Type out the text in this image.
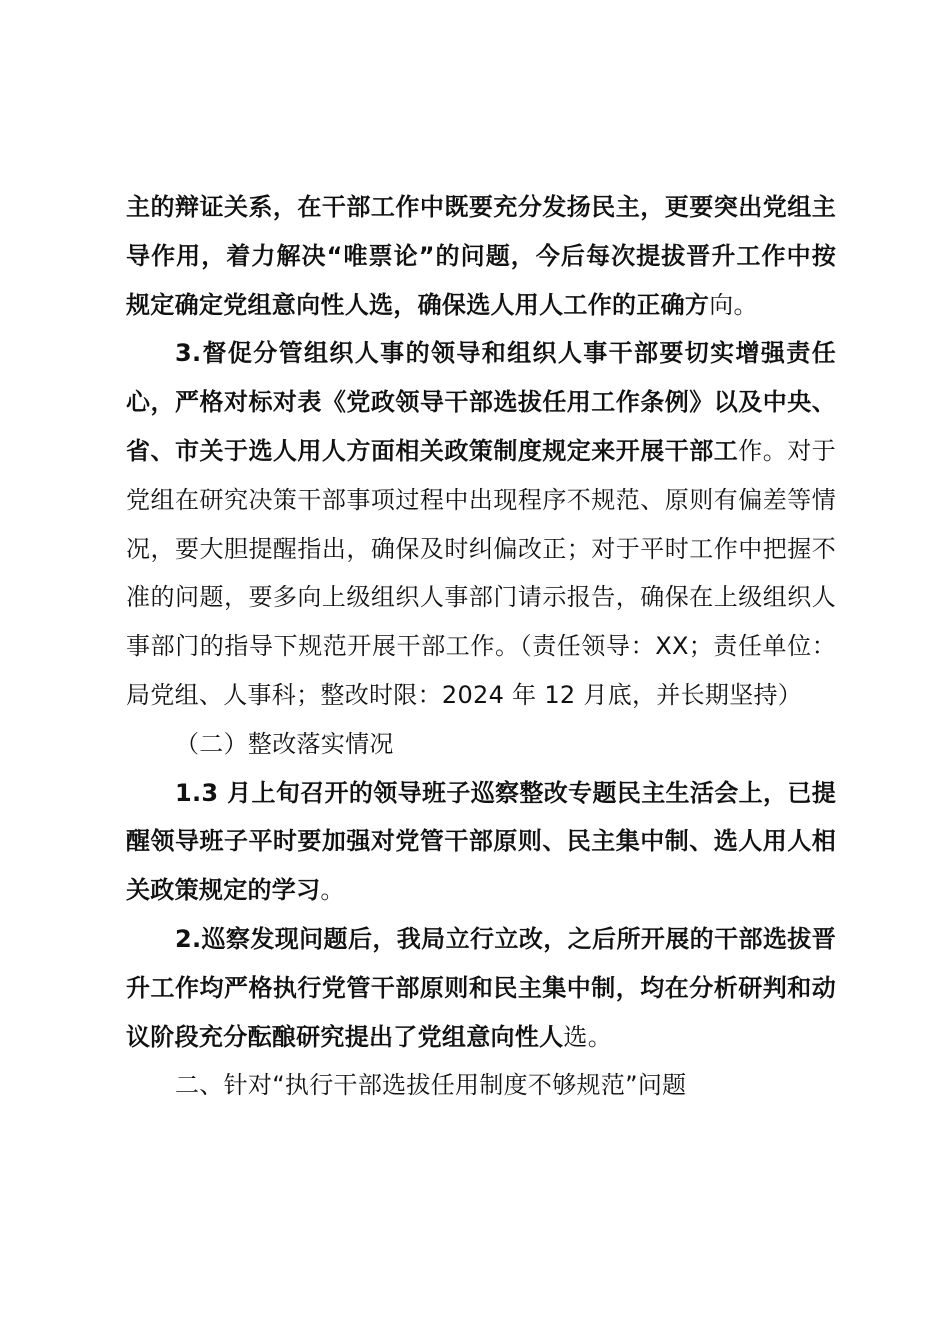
主的辩证关系，在干部工作中既要充分发扬民主，更要突出党组主导作用，着力解决“唯票论”的问题，今后每次提拔晋升工作中按规定确定党组意向性人选，确保选人用人工作的正确方向。

3.督促分管组织人事的领导和组织人事干部要切实增强责任心，严格对标对表《党政领导干部选拔任用工作条例》以及中央、省、市关于选人用人方面相关政策制度规定来开展干部工作。对于党组在研究决策干部事项过程中出现程序不规范、原则有偏差等情况，要大胆提醒指出，确保及时纠偏改正；对于平时工作中把握不准的问题，要多向上级组织人事部门请示报告，确保在上级组织人事部门的指导下规范开展干部工作。（责任领导：XX；责任单位：局党组、人事科；整改时限：2024 年 12 月底，并长期坚持）

（二）整改落实情况

1.3 月上旬召开的领导班子巡察整改专题民主生活会上，已提醒领导班子平时要加强对党管干部原则、民主集中制、选人用人相关政策规定的学习。

2.巡察发现问题后，我局立行立改，之后所开展的干部选拔晋升工作均严格执行党管干部原则和民主集中制，均在分析研判和动议阶段充分酝酿研究提出了党组意向性人选。

二、针对“执行干部选拔任用制度不够规范”问题
